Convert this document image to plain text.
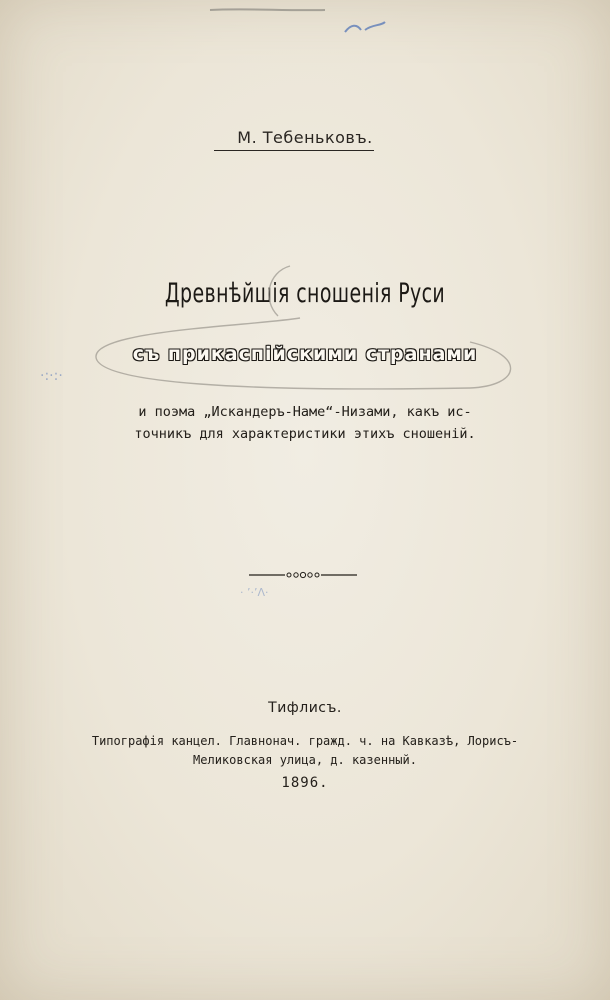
М. Тебеньковъ.
Древнѣйшія сношенія Руси
съ прикаспійскими странами
·:·:·
и поэма „Искандеръ-Наме“-Низами, какъ ис-
точникъ для характеристики этихъ сношеній.
· ʼ·ʼɅ·
Тифлисъ.
Типографія канцел. Главнонач. гражд. ч. на Кавказѣ, Лорисъ-
Меликовская улица, д. казенный.
1896.
